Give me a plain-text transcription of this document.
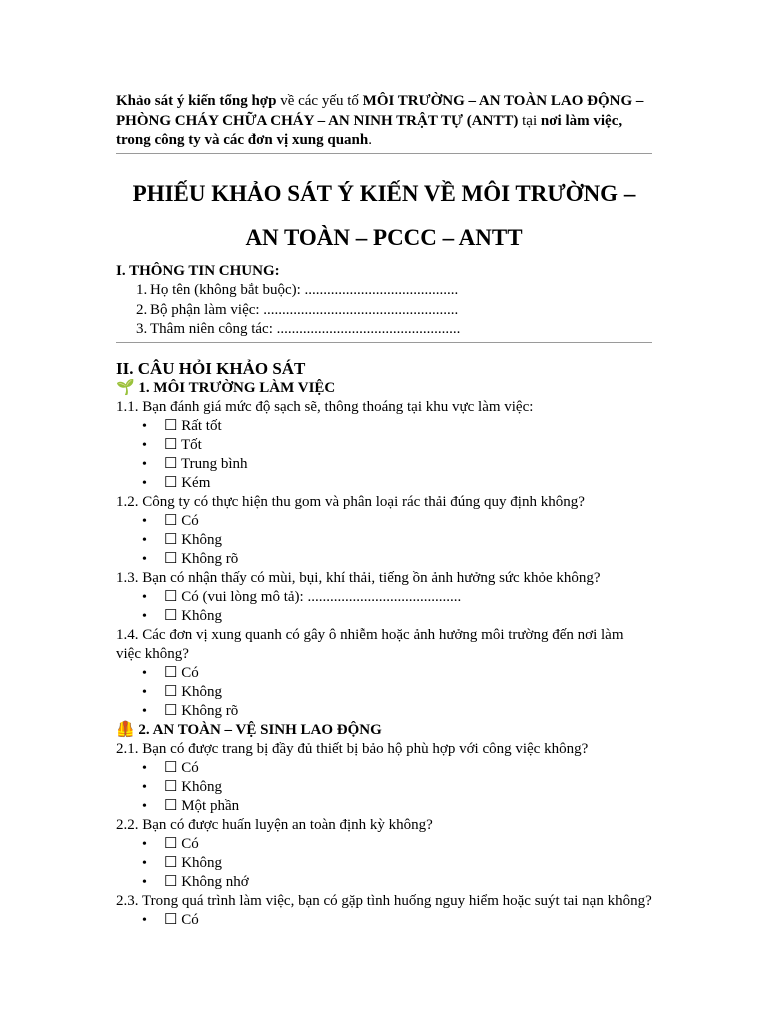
Khảo sát ý kiến tổng hợp về các yếu tố MÔI TRƯỜNG – AN TOÀN LAO ĐỘNG – PHÒNG CHÁY CHỮA CHÁY – AN NINH TRẬT TỰ (ANTT) tại nơi làm việc, trong công ty và các đơn vị xung quanh.

PHIẾU KHẢO SÁT Ý KIẾN VỀ MÔI TRƯỜNG –
AN TOÀN – PCCC – ANTT

I. THÔNG TIN CHUNG:

1. Họ tên (không bắt buộc): .........................................
2. Bộ phận làm việc: ....................................................
3. Thâm niên công tác: .................................................

II. CÂU HỎI KHẢO SÁT

🌱 1. MÔI TRƯỜNG LÀM VIỆC

1.1. Bạn đánh giá mức độ sạch sẽ, thông thoáng tại khu vực làm việc:

• ☐ Rất tốt
• ☐ Tốt
• ☐ Trung bình
• ☐ Kém

1.2. Công ty có thực hiện thu gom và phân loại rác thải đúng quy định không?

• ☐ Có
• ☐ Không
• ☐ Không rõ

1.3. Bạn có nhận thấy có mùi, bụi, khí thải, tiếng ồn ảnh hưởng sức khỏe không?

• ☐ Có (vui lòng mô tả): .........................................
• ☐ Không

1.4. Các đơn vị xung quanh có gây ô nhiễm hoặc ảnh hưởng môi trường đến nơi làm việc không?

• ☐ Có
• ☐ Không
• ☐ Không rõ

🦺 2. AN TOÀN – VỆ SINH LAO ĐỘNG

2.1. Bạn có được trang bị đầy đủ thiết bị bảo hộ phù hợp với công việc không?

• ☐ Có
• ☐ Không
• ☐ Một phần

2.2. Bạn có được huấn luyện an toàn định kỳ không?

• ☐ Có
• ☐ Không
• ☐ Không nhớ

2.3. Trong quá trình làm việc, bạn có gặp tình huống nguy hiểm hoặc suýt tai nạn không?

• ☐ Có
